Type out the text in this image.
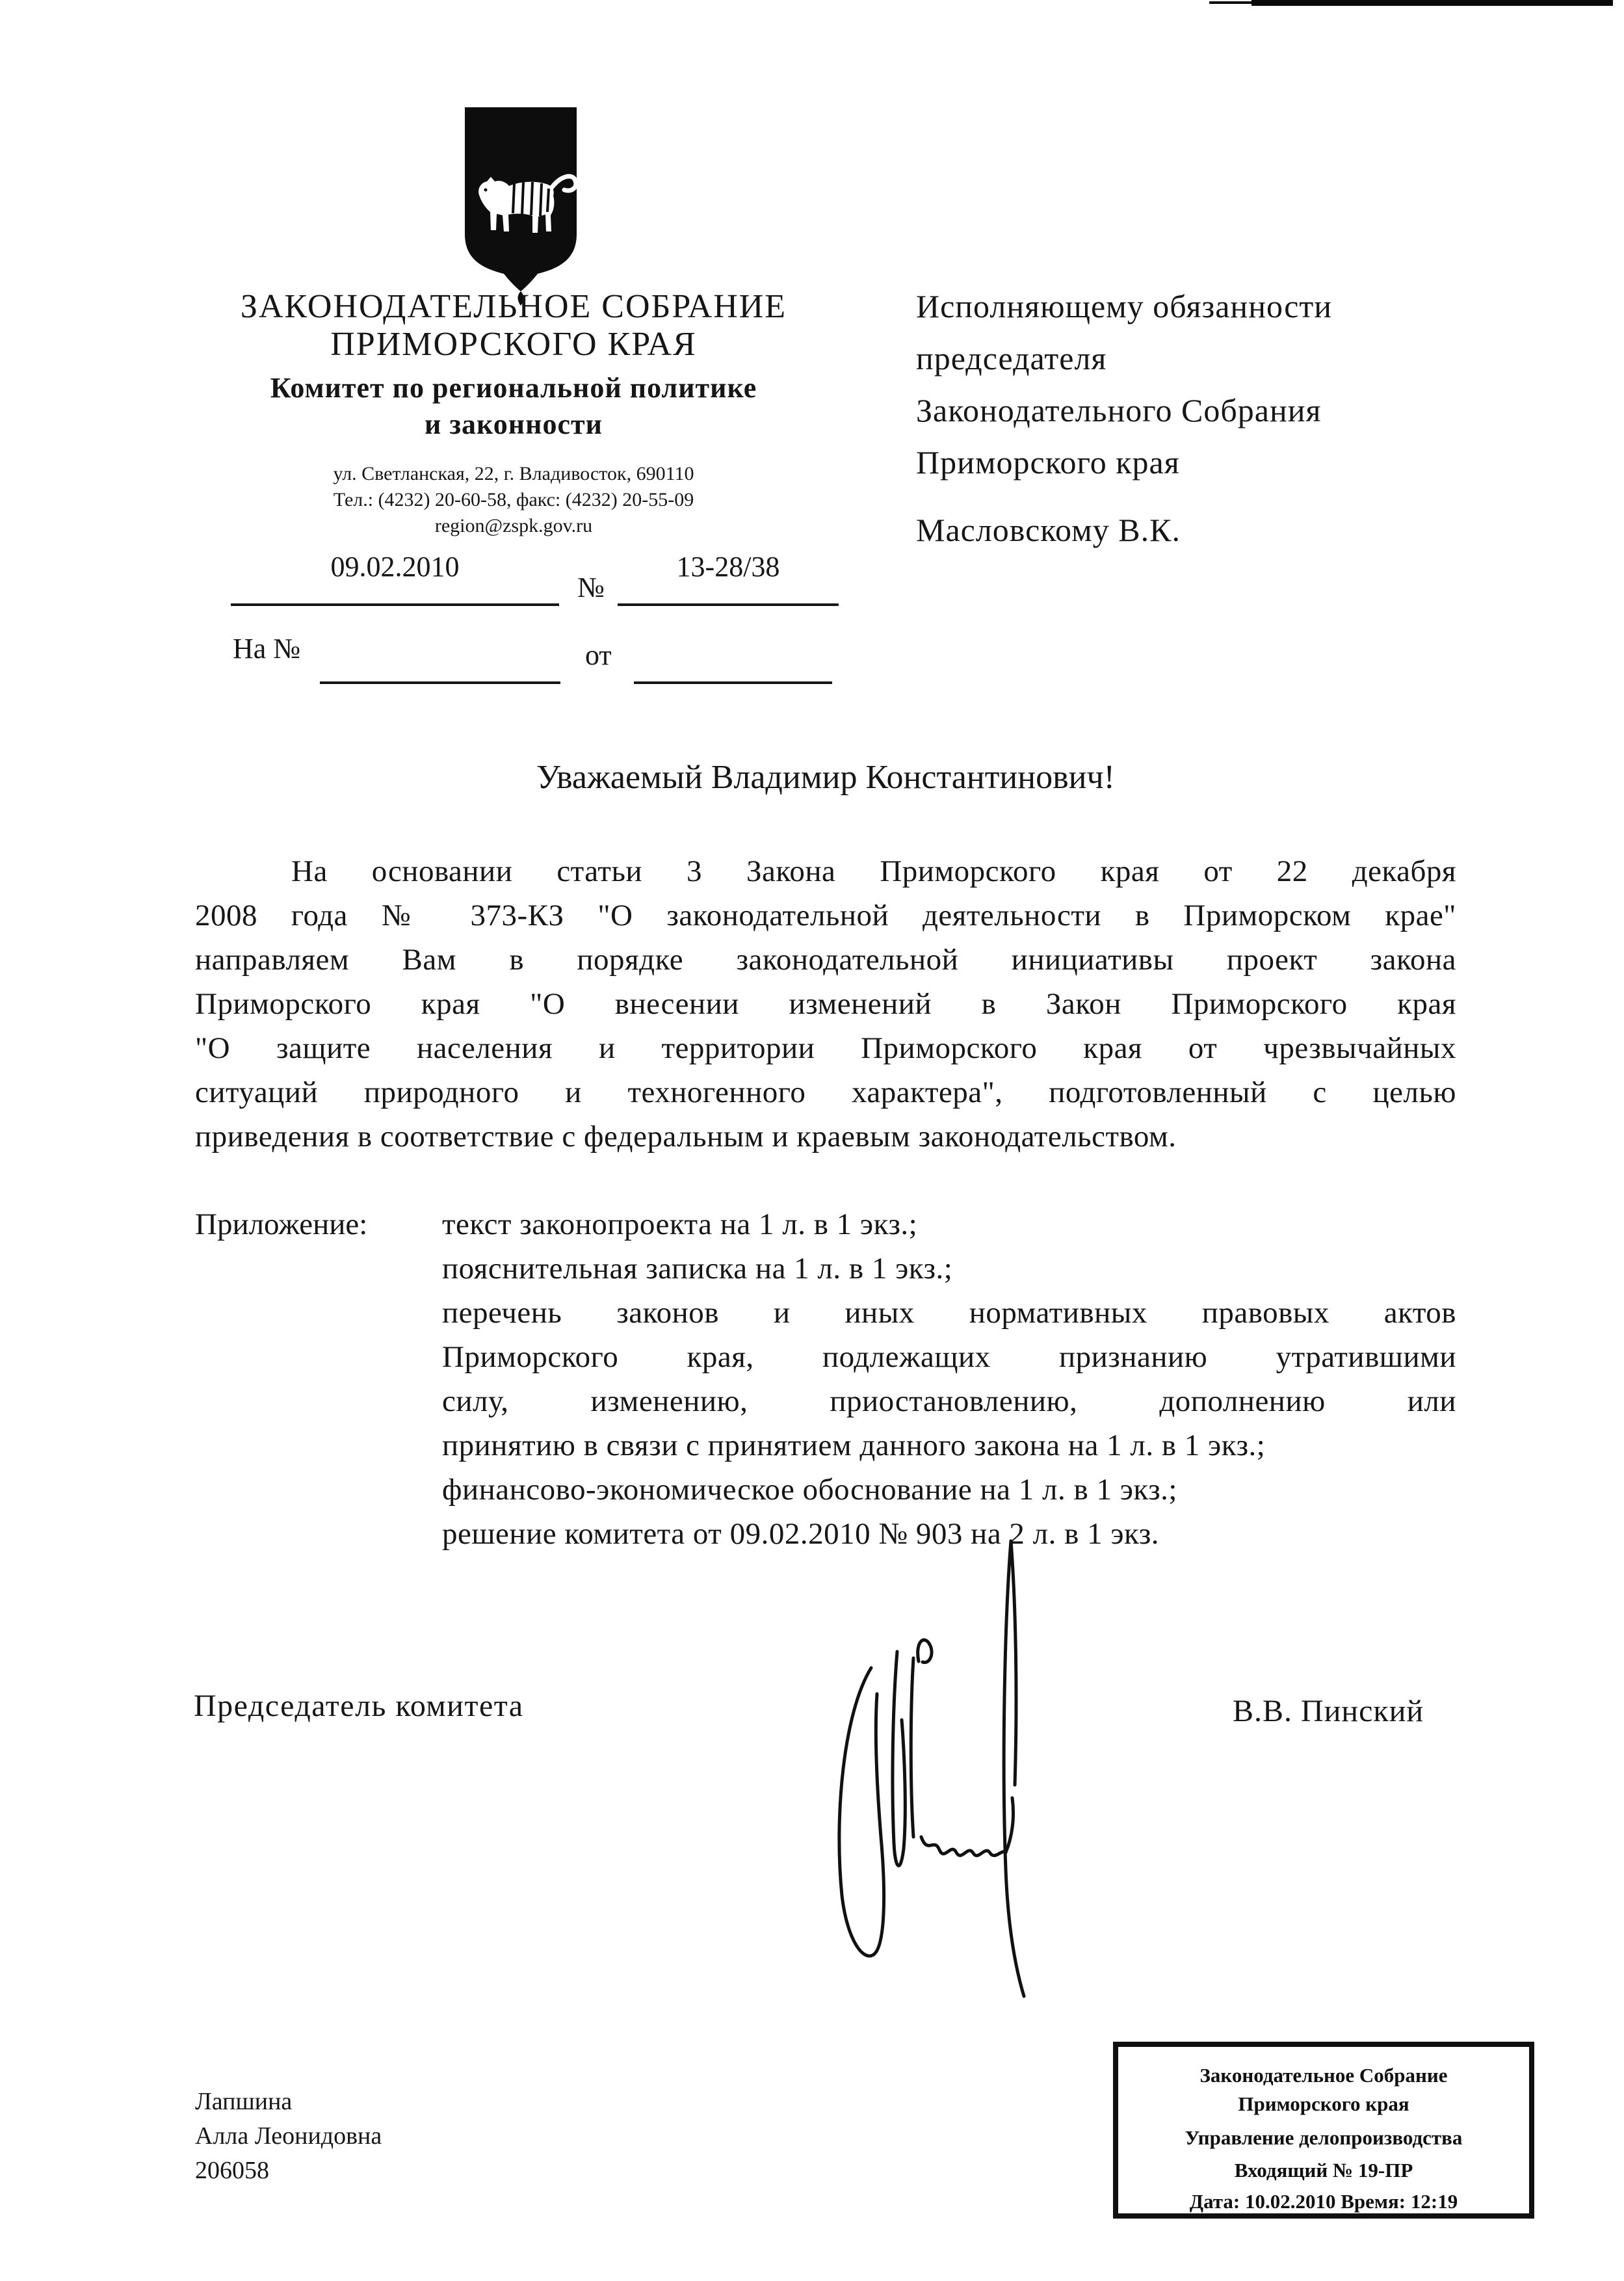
ЗАКОНОДАТЕЛЬНОЕ СОБРАНИЕ
ПРИМОРСКОГО КРАЯ
Комитет по региональной политике
и законности
ул. Светланская, 22, г. Владивосток, 690110
Тел.: (4232) 20-60-58, факс: (4232) 20-55-09
region@zspk.gov.ru
09.02.2010
№
13-28/38
На №	от
Исполняющему обязанности
председателя
Законодательного Собрания
Приморского края
Масловскому В.К.
Уважаемый Владимир Константинович!
На основании статьи 3 Закона Приморского края от 22 декабря
2008 года № 373-КЗ "О законодательной деятельности в Приморском крае"
направляем Вам в порядке законодательной инициативы проект закона
Приморского края "О внесении изменений в Закон Приморского края
"О защите населения и территории Приморского края от чрезвычайных
ситуаций природного и техногенного характера", подготовленный с целью
приведения в соответствие с федеральным и краевым законодательством.
Приложение: текст законопроекта на 1 л. в 1 экз.;
пояснительная записка на 1 л. в 1 экз.;
перечень законов и иных нормативных правовых актов
Приморского края, подлежащих признанию утратившими
силу, изменению, приостановлению, дополнению или
принятию в связи с принятием данного закона на 1 л. в 1 экз.;
финансово-экономическое обоснование на 1 л. в 1 экз.;
решение комитета от 09.02.2010 № 903 на 2 л. в 1 экз.
Председатель комитета	В.В. Пинский
Лапшина
Алла Леонидовна
206058
Законодательное Собрание
Приморского края
Управление делопроизводства
Входящий № 19-ПР
Дата: 10.02.2010 Время: 12:19
